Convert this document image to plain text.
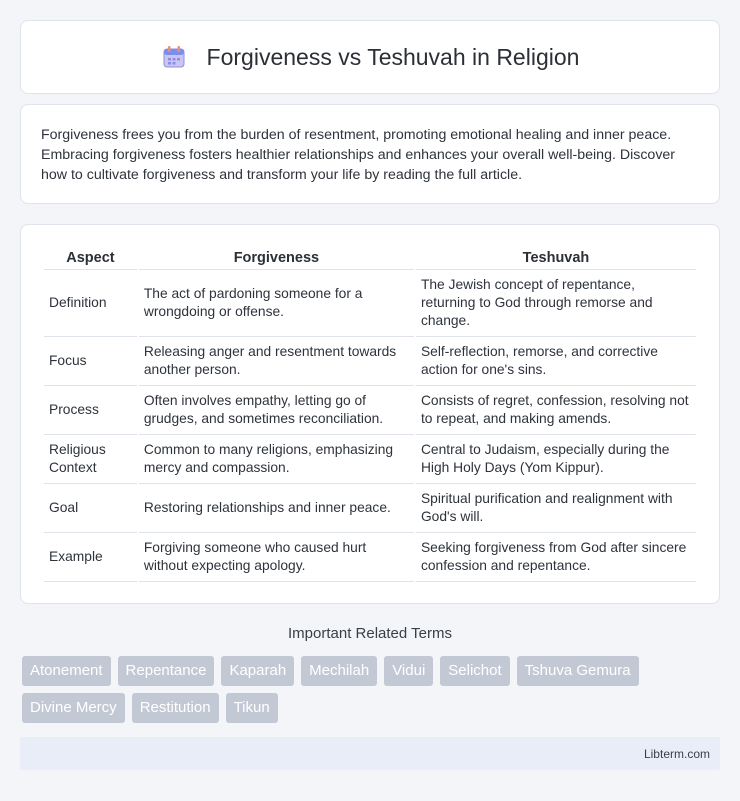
Forgiveness vs Teshuvah in Religion

Forgiveness frees you from the burden of resentment, promoting emotional healing and inner peace. Embracing forgiveness fosters healthier relationships and enhances your overall well-being. Discover how to cultivate forgiveness and transform your life by reading the full article.

Aspect	Forgiveness	Teshuvah
Definition	The act of pardoning someone for a wrongdoing or offense.	The Jewish concept of repentance, returning to God through remorse and change.
Focus	Releasing anger and resentment towards another person.	Self-reflection, remorse, and corrective action for one's sins.
Process	Often involves empathy, letting go of grudges, and sometimes reconciliation.	Consists of regret, confession, resolving not to repeat, and making amends.
Religious Context	Common to many religions, emphasizing mercy and compassion.	Central to Judaism, especially during the High Holy Days (Yom Kippur).
Goal	Restoring relationships and inner peace.	Spiritual purification and realignment with God's will.
Example	Forgiving someone who caused hurt without expecting apology.	Seeking forgiveness from God after sincere confession and repentance.
Important Related Terms
Atonement	Repentance	Kaparah	Mechilah	Vidui	Selichot	Tshuva Gemura
Divine Mercy	Restitution	Tikun
Libterm.com
